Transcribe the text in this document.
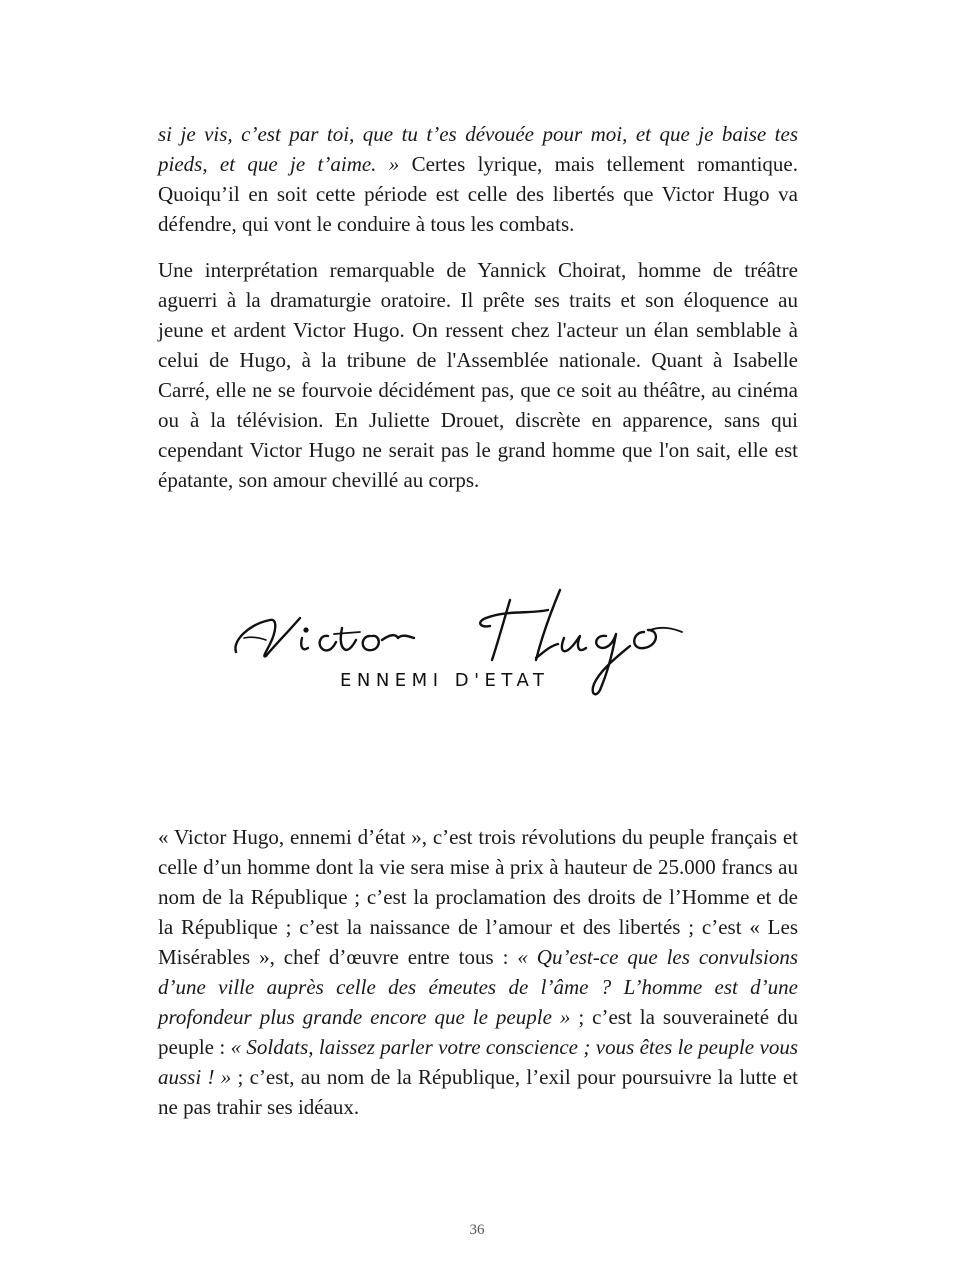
si je vis, c’est par toi, que tu t’es dévouée pour moi, et que je baise tes pieds, et que je t’aime. » Certes lyrique, mais tellement romantique. Quoiqu’il en soit cette période est celle des libertés que Victor Hugo va défendre, qui vont le conduire à tous les combats.

Une interprétation remarquable de Yannick Choirat, homme de tréâtre aguerri à la dramaturgie oratoire. Il prête ses traits et son éloquence au jeune et ardent Victor Hugo. On ressent chez l'acteur un élan semblable à celui de Hugo, à la tribune de l'Assemblée nationale. Quant à Isabelle Carré, elle ne se fourvoie décidément pas, que ce soit au théâtre, au cinéma ou à la télévision. En Juliette Drouet, discrète en apparence, sans qui cependant Victor Hugo ne serait pas le grand homme que l'on sait, elle est épatante, son amour chevillé au corps.

ENNEMI D'ETAT

« Victor Hugo, ennemi d’état », c’est trois révolutions du peuple français et celle d’un homme dont la vie sera mise à prix à hauteur de 25.000 francs au nom de la République ; c’est la proclamation des droits de l’Homme et de la République ; c’est la naissance de l’amour et des libertés ; c’est « Les Misérables », chef d’œuvre entre tous : « Qu’est-ce que les convulsions d’une ville auprès celle des émeutes de l’âme ? L’homme est d’une profondeur plus grande encore que le peuple » ; c’est la souveraineté du peuple : « Soldats, laissez parler votre conscience ; vous êtes le peuple vous aussi ! » ; c’est, au nom de la République, l’exil pour poursuivre la lutte et ne pas trahir ses idéaux.

36
